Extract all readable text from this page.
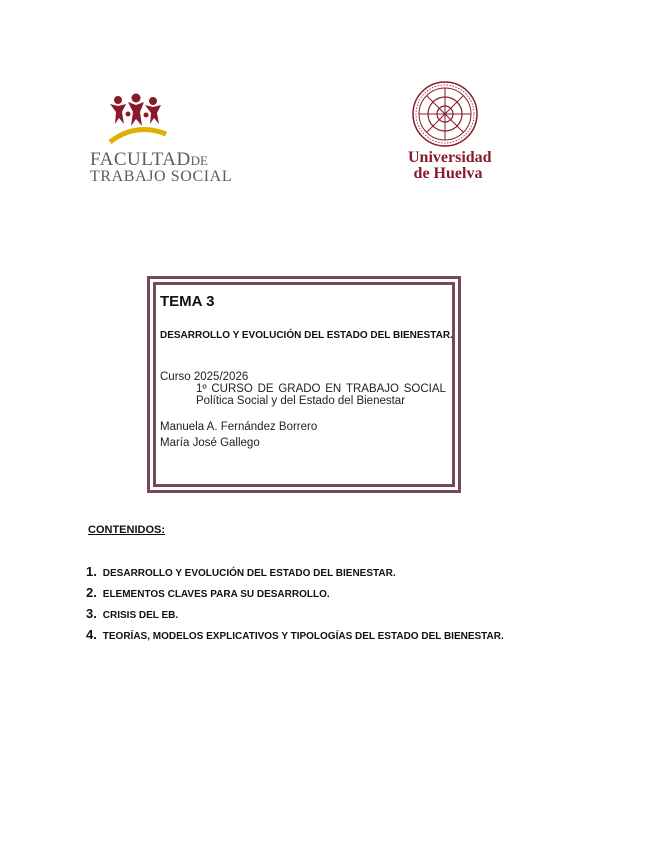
FACULTADDE
TRABAJO SOCIAL
Universidad
de Huelva
TEMA 3
DESARROLLO Y EVOLUCIÓN DEL ESTADO DEL BIENESTAR.
Curso 2025/2026
1º CURSO DE GRADO EN TRABAJO SOCIAL
Política Social y del Estado del Bienestar
Manuela A. Fernández Borrero
María José Gallego
CONTENIDOS:
1. DESARROLLO Y EVOLUCIÓN DEL ESTADO DEL BIENESTAR.
2. ELEMENTOS CLAVES PARA SU DESARROLLO.
3. CRISIS DEL EB.
4. TEORÍAS, MODELOS EXPLICATIVOS Y TIPOLOGÍAS DEL ESTADO DEL BIENESTAR.
